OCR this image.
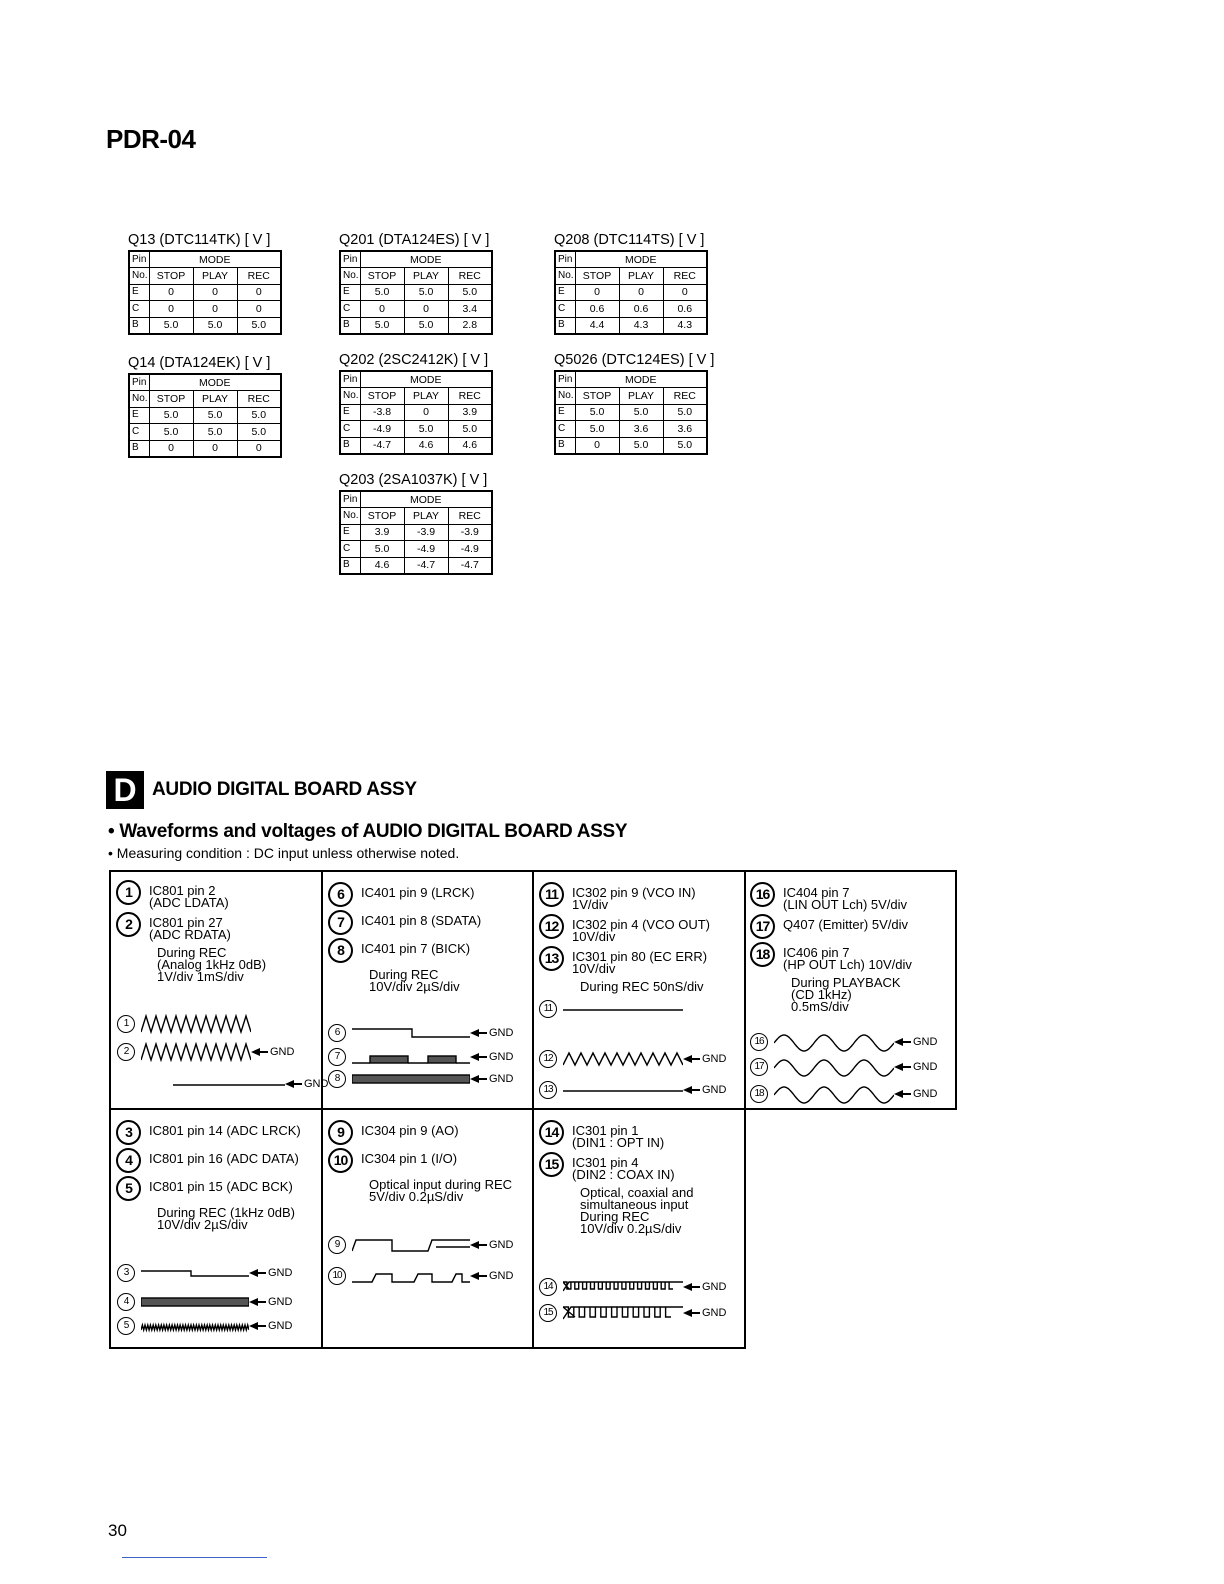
PDR-04
Q13 (DTC114TK) [ V ]
Pin	MODE		
No.	STOP	PLAY	REC
E	0	0	0
C	0	0	0
B	5.0	5.0	5.0
Q14 (DTA124EK) [ V ]
Pin	MODE		
No.	STOP	PLAY	REC
E	5.0	5.0	5.0
C	5.0	5.0	5.0
B	0	0	0
Q201 (DTA124ES) [ V ]
Pin	MODE		
No.	STOP	PLAY	REC
E	5.0	5.0	5.0
C	0	0	3.4
B	5.0	5.0	2.8
Q202 (2SC2412K) [ V ]
Pin	MODE		
No.	STOP	PLAY	REC
E	-3.8	0	3.9
C	-4.9	5.0	5.0
B	-4.7	4.6	4.6
Q203 (2SA1037K) [ V ]
Pin	MODE		
No.	STOP	PLAY	REC
E	3.9	-3.9	-3.9
C	5.0	-4.9	-4.9
B	4.6	-4.7	-4.7
Q208 (DTC114TS) [ V ]
Pin	MODE		
No.	STOP	PLAY	REC
E	0	0	0
C	0.6	0.6	0.6
B	4.4	4.3	4.3
Q5026 (DTC124ES) [ V ]
Pin	MODE		
No.	STOP	PLAY	REC
E	5.0	5.0	5.0
C	5.0	3.6	3.6
B	0	5.0	5.0
D AUDIO DIGITAL BOARD ASSY
• Waveforms and voltages of AUDIO DIGITAL BOARD ASSY
• Measuring condition : DC input unless otherwise noted.
1	IC801 pin 2
(ADC LDATA)
2	IC801 pin 27
(ADC RDATA)
During REC
(Analog 1kHz 0dB)
1V/div 1mS/div
6	IC401 pin 9 (LRCK)
7	IC401 pin 8 (SDATA)
8	IC401 pin 7 (BICK)
During REC
10V/div 2µS/div
11	IC302 pin 9 (VCO IN)
1V/div
12	IC302 pin 4 (VCO OUT)
10V/div
13	IC301 pin 80 (EC ERR)
10V/div
During REC 50nS/div
16	IC404 pin 7
(LIN OUT Lch) 5V/div
17	Q407 (Emitter) 5V/div
18	IC406 pin 7
(HP OUT Lch) 10V/div
During PLAYBACK
(CD 1kHz)
0.5mS/div
3	IC801 pin 14 (ADC LRCK)
4	IC801 pin 16 (ADC DATA)
5	IC801 pin 15 (ADC BCK)
During REC (1kHz 0dB)
10V/div 2µS/div
9	IC304 pin 9 (AO)
10	IC304 pin 1 (I/O)
Optical input during REC
5V/div 0.2µS/div
14	IC301 pin 1
(DIN1 : OPT IN)
15	IC301 pin 4
(DIN2 : COAX IN)
Optical, coaxial and
simultaneous input
During REC
10V/div 0.2µS/div
1
2	GND
GND
6	GND
7	GND
8	GND
11
12	GND
13	GND
16	GND
17	GND
18	GND
3	GND
4	GND
5	GND
9	GND
10	GND
14	GND
15	GND
30
